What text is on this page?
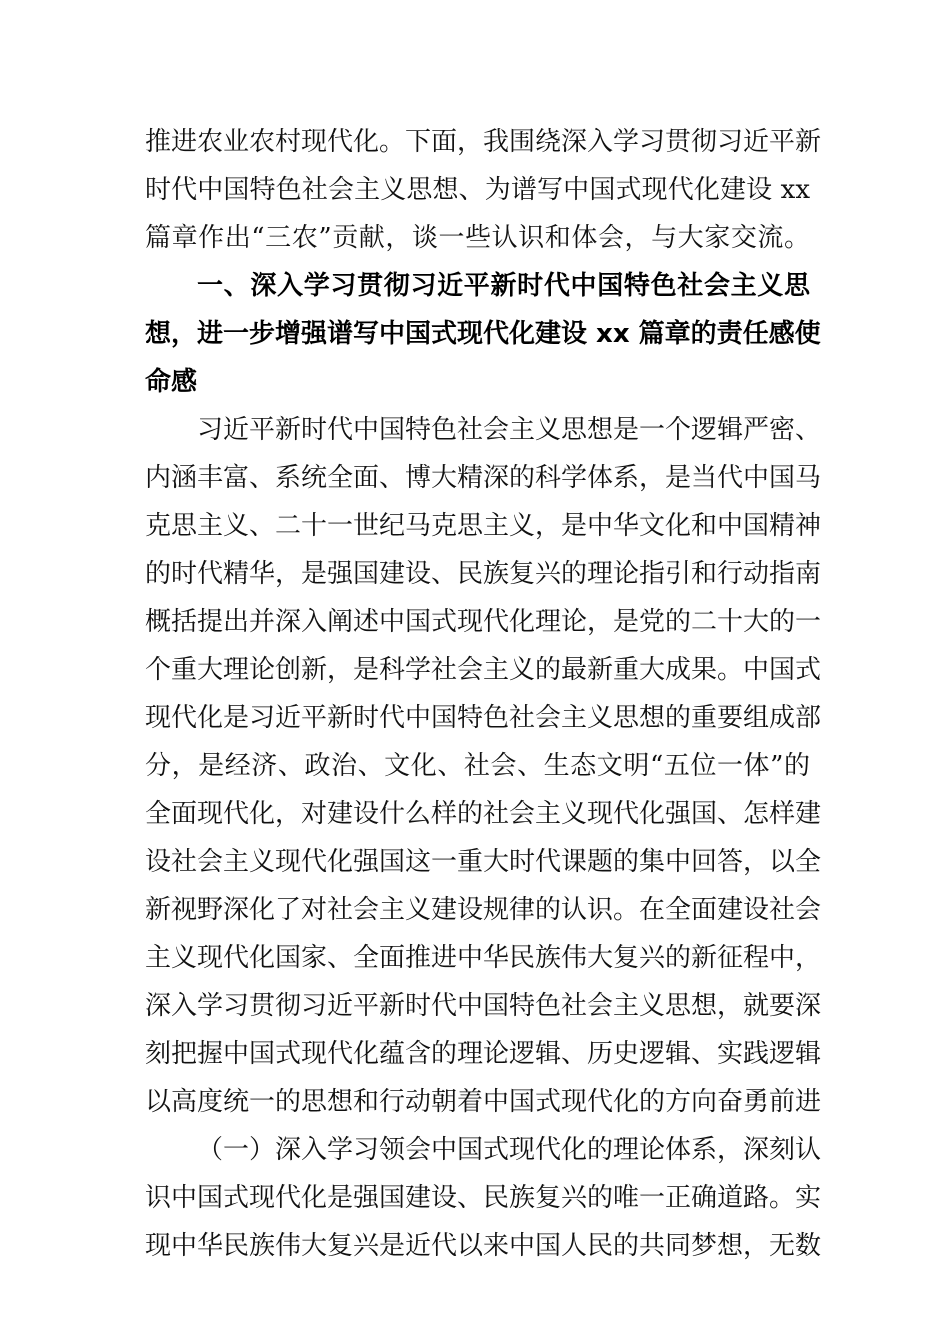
推进农业农村现代化。下面，我围绕深入学习贯彻习近平新
时代中国特色社会主义思想、为谱写中国式现代化建设 xx
篇章作出“三农”贡献，谈一些认识和体会，与大家交流。
一、深入学习贯彻习近平新时代中国特色社会主义思
想，进一步增强谱写中国式现代化建设 xx 篇章的责任感使
命感
习近平新时代中国特色社会主义思想是一个逻辑严密、
内涵丰富、系统全面、博大精深的科学体系，是当代中国马
克思主义、二十一世纪马克思主义，是中华文化和中国精神
的时代精华，是强国建设、民族复兴的理论指引和行动指南
概括提出并深入阐述中国式现代化理论，是党的二十大的一
个重大理论创新，是科学社会主义的最新重大成果。中国式
现代化是习近平新时代中国特色社会主义思想的重要组成部
分，是经济、政治、文化、社会、生态文明“五位一体”的
全面现代化，对建设什么样的社会主义现代化强国、怎样建
设社会主义现代化强国这一重大时代课题的集中回答，以全
新视野深化了对社会主义建设规律的认识。在全面建设社会
主义现代化国家、全面推进中华民族伟大复兴的新征程中，
深入学习贯彻习近平新时代中国特色社会主义思想，就要深
刻把握中国式现代化蕴含的理论逻辑、历史逻辑、实践逻辑
以高度统一的思想和行动朝着中国式现代化的方向奋勇前进
（一）深入学习领会中国式现代化的理论体系，深刻认
识中国式现代化是强国建设、民族复兴的唯一正确道路。实
现中华民族伟大复兴是近代以来中国人民的共同梦想，无数
